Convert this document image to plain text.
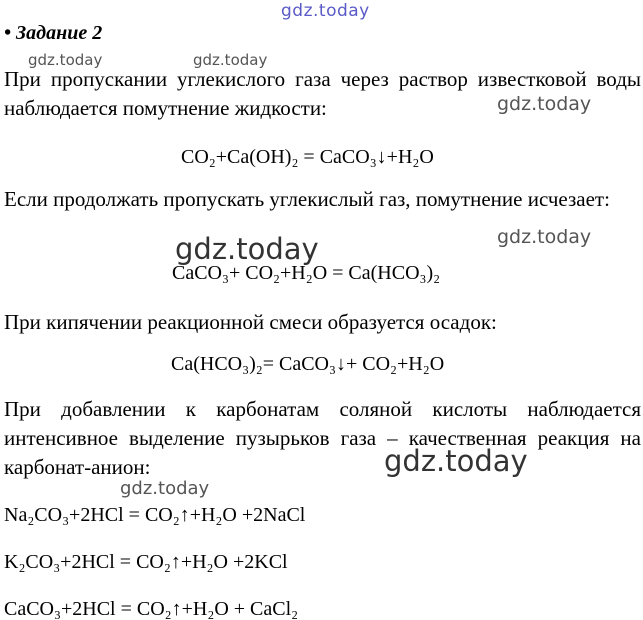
gdz.today
gdz.today	gdz.today
gdz.today
gdz.today
gdz.today
gdz.today
gdz.today
• Задание 2
При пропускании углекислого газа через раствор известковой воды наблюдается помутнение жидкости:
CO₂+Ca(OH)₂ = CaCO₃↓+H₂O
Если продолжать пропускать углекислый газ, помутнение исчезает:
CaCO₃+ CO₂+H₂O = Ca(HCO₃)₂
При кипячении реакционной смеси образуется осадок:
Ca(HCO₃)₂= CaCO₃↓+ CO₂+H₂O
При добавлении к карбонатам соляной кислоты наблюдается интенсивное выделение пузырьков газа – качественная реакция на карбонат-анион:
Na₂CO₃+2HCl = CO₂↑+H₂O +2NaCl
K₂CO₃+2HCl = CO₂↑+H₂O +2KCl
CaCO₃+2HCl = CO₂↑+H₂O + CaCl₂
